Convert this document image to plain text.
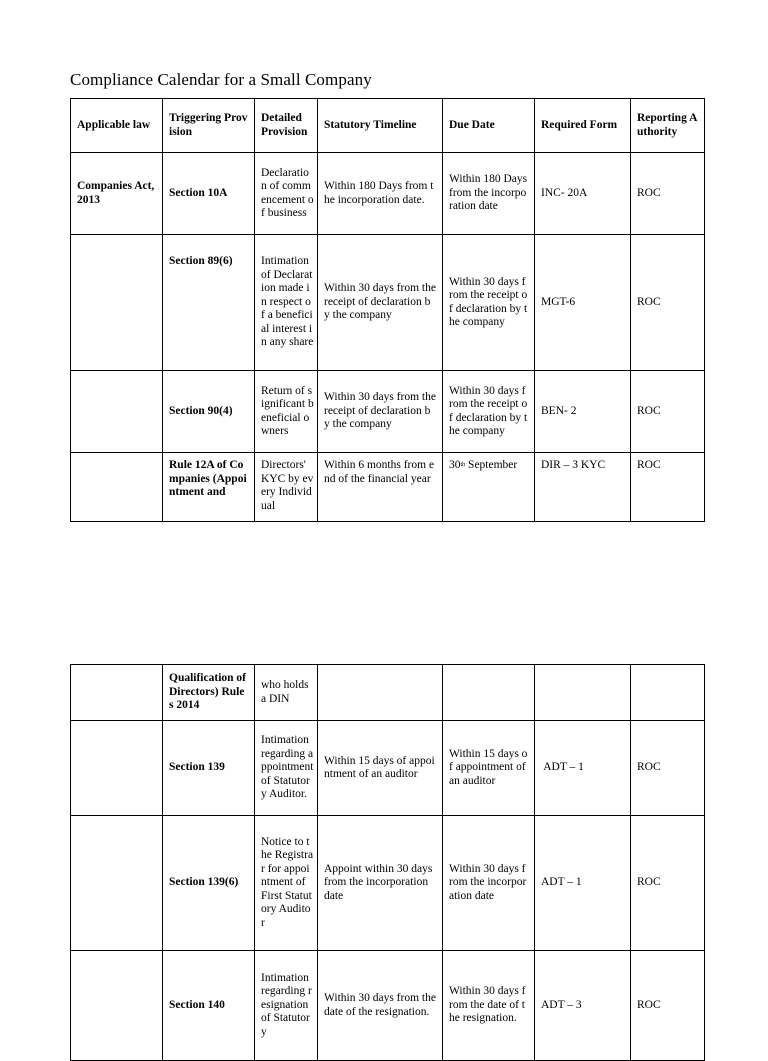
Compliance Calendar for a Small Company
Applicable law	Triggering Provision	Detailed Provision	Statutory Timeline	Due Date	Required Form	Reporting Authority
Companies Act, 2013	Section 10A	Declaration of commencement of business	Within 180 Days from the incorporation date.	Within 180 Days from the incorporation date	INC- 20A	ROC
	Section 89(6)	Intimation of Declaration made in respect of a beneficial interest in any share	Within 30 days from the receipt of declaration by the company	Within 30 days from the receipt of declaration by the company	MGT-6	ROC
	Section 90(4)	Return of significant beneficial owners	Within 30 days from the receipt of declaration by the company	Within 30 days from the receipt of declaration by the company	BEN- 2	ROC
	Rule 12A of Companies (Appointment and	Directors' KYC by every Individual	Within 6 months from end of the financial year	30th September	DIR – 3 KYC	ROC
	Qualification of Directors) Rules 2014	who holds a DIN				
	Section 139	Intimation regarding appointment of Statutory Auditor.	Within 15 days of appointment of an auditor	Within 15 days of appointment of an auditor	ADT – 1	ROC
	Section 139(6)	Notice to the Registrar for appointment of First Statutory Auditor	Appoint within 30 days from the incorporation date	Within 30 days from the incorporation date	ADT – 1	ROC
	Section 140	Intimation regarding resignation of Statutory	Within 30 days from the date of the resignation.	Within 30 days from the date of the resignation.	ADT – 3	ROC
